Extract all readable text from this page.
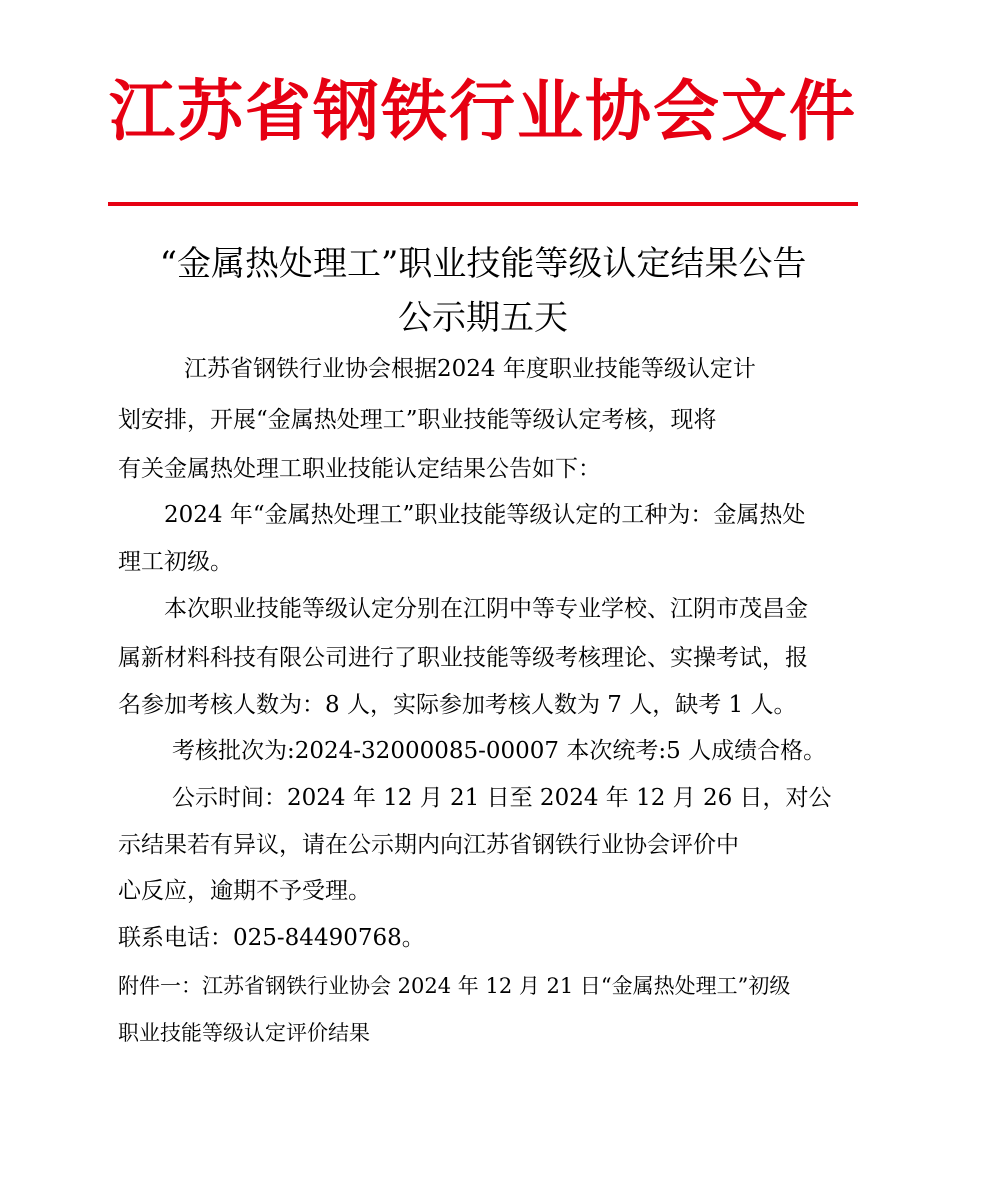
江苏省钢铁行业协会文件
“金属热处理工”职业技能等级认定结果公告
公示期五天
江苏省钢铁行业协会根据2024 年度职业技能等级认定计
划安排，开展“金属热处理工”职业技能等级认定考核，现将
有关金属热处理工职业技能认定结果公告如下：
2024 年“金属热处理工”职业技能等级认定的工种为：金属热处
理工初级。
本次职业技能等级认定分别在江阴中等专业学校、江阴市茂昌金
属新材料科技有限公司进行了职业技能等级考核理论、实操考试，报
名参加考核人数为：8 人，实际参加考核人数为 7 人，缺考 1 人。
考核批次为:2024-32000085-00007 本次统考:5 人成绩合格。
公示时间：2024 年 12 月 21 日至 2024 年 12 月 26 日，对公
示结果若有异议，请在公示期内向江苏省钢铁行业协会评价中
心反应，逾期不予受理。
联系电话：025-84490768。
附件一：江苏省钢铁行业协会 2024 年 12 月 21 日“金属热处理工”初级
职业技能等级认定评价结果
